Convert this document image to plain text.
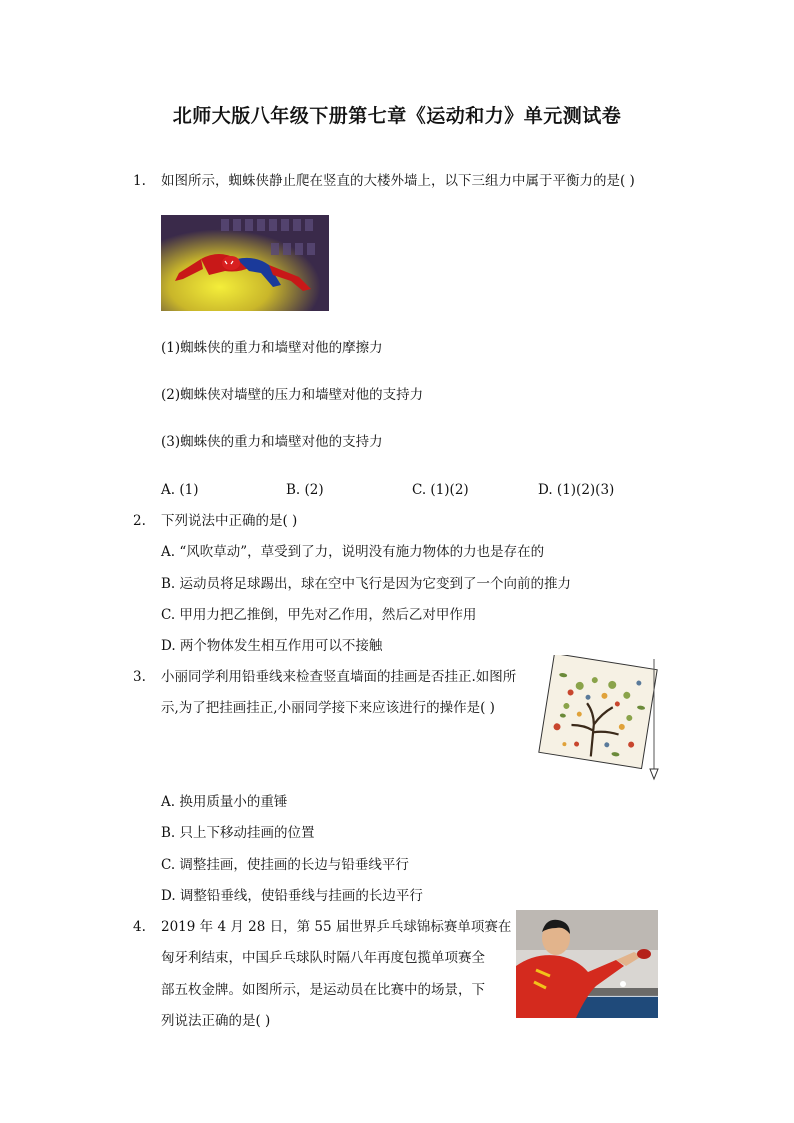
北师大版八年级下册第七章《运动和力》单元测试卷
1. 如图所示，蜘蛛侠静止爬在竖直的大楼外墙上，以下三组力中属于平衡力的是( )
(1)蜘蛛侠的重力和墙壁对他的摩擦力
(2)蜘蛛侠对墙壁的压力和墙壁对他的支持力
(3)蜘蛛侠的重力和墙壁对他的支持力
A. (1)	B. (2)	C. (1)(2)	D. (1)(2)(3)
2. 下列说法中正确的是( )
A. “风吹草动”，草受到了力，说明没有施力物体的力也是存在的
B. 运动员将足球踢出，球在空中飞行是因为它变到了一个向前的推力
C. 甲用力把乙推倒，甲先对乙作用，然后乙对甲作用
D. 两个物体发生相互作用可以不接触
3. 小丽同学利用铅垂线来检查竖直墙面的挂画是否挂正.如图所
示,为了把挂画挂正,小丽同学接下来应该进行的操作是( )
A. 换用质量小的重锤
B. 只上下移动挂画的位置
C. 调整挂画，使挂画的长边与铅垂线平行
D. 调整铅垂线，使铅垂线与挂画的长边平行
4. 2019 年 4 月 28 日，第 55 届世界乒乓球锦标赛单项赛在
匈牙利结束，中国乒乓球队时隔八年再度包揽单项赛全
部五枚金牌。如图所示，是运动员在比赛中的场景，下
列说法正确的是( )
